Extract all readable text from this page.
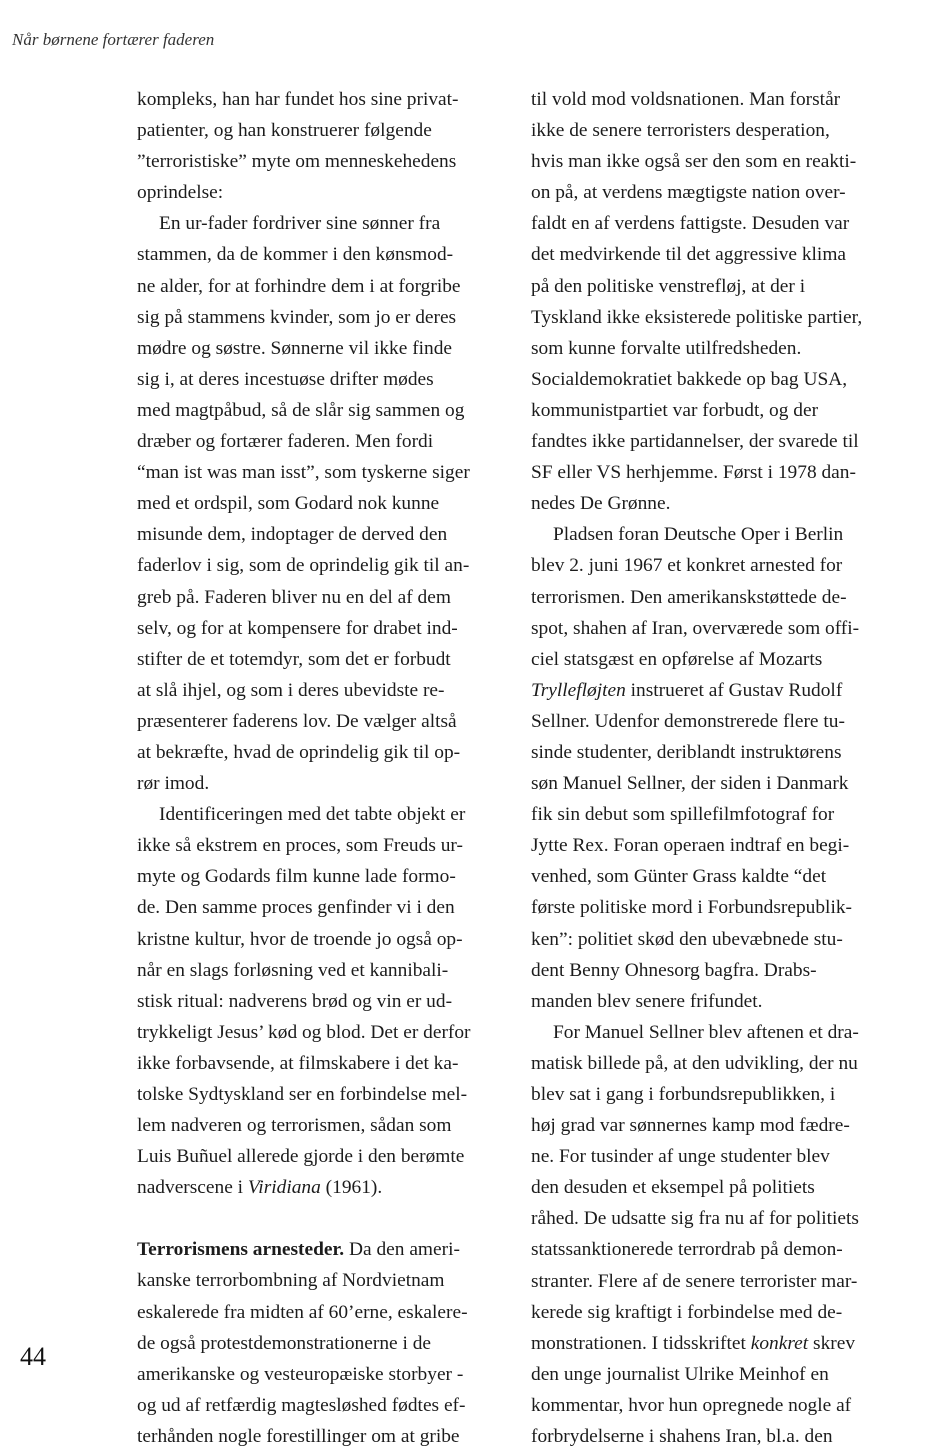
Når børnene fortærer faderen
kompleks, han har fundet hos sine privat-
patienter, og han konstruerer følgende
”terroristiske” myte om menneskehedens
oprindelse:
En ur-fader fordriver sine sønner fra
stammen, da de kommer i den kønsmod-
ne alder, for at forhindre dem i at forgribe
sig på stammens kvinder, som jo er deres
mødre og søstre. Sønnerne vil ikke finde
sig i, at deres incestuøse drifter mødes
med magtpåbud, så de slår sig sammen og
dræber og fortærer faderen. Men fordi
“man ist was man isst”, som tyskerne siger
med et ordspil, som Godard nok kunne
misunde dem, indoptager de derved den
faderlov i sig, som de oprindelig gik til an-
greb på. Faderen bliver nu en del af dem
selv, og for at kompensere for drabet ind-
stifter de et totemdyr, som det er forbudt
at slå ihjel, og som i deres ubevidste re-
præsenterer faderens lov. De vælger altså
at bekræfte, hvad de oprindelig gik til op-
rør imod.
Identificeringen med det tabte objekt er
ikke så ekstrem en proces, som Freuds ur-
myte og Godards film kunne lade formo-
de. Den samme proces genfinder vi i den
kristne kultur, hvor de troende jo også op-
når en slags forløsning ved et kannibali-
stisk ritual: nadverens brød og vin er ud-
trykkeligt Jesus’ kød og blod. Det er derfor
ikke forbavsende, at filmskabere i det ka-
tolske Sydtyskland ser en forbindelse mel-
lem nadveren og terrorismen, sådan som
Luis Buñuel allerede gjorde i den berømte
nadverscene i Viridiana (1961).
Terrorismens arnesteder. Da den ameri-
kanske terrorbombning af Nordvietnam
eskalerede fra midten af 60’erne, eskalere-
de også protestdemonstrationerne i de
amerikanske og vesteuropæiske storbyer -
og ud af retfærdig magtesløshed fødtes ef-
terhånden nogle forestillinger om at gribe
til vold mod voldsnationen. Man forstår
ikke de senere terroristers desperation,
hvis man ikke også ser den som en reakti-
on på, at verdens mægtigste nation over-
faldt en af verdens fattigste. Desuden var
det medvirkende til det aggressive klima
på den politiske venstrefløj, at der i
Tyskland ikke eksisterede politiske partier,
som kunne forvalte utilfredsheden.
Socialdemokratiet bakkede op bag USA,
kommunistpartiet var forbudt, og der
fandtes ikke partidannelser, der svarede til
SF eller VS herhjemme. Først i 1978 dan-
nedes De Grønne.
Pladsen foran Deutsche Oper i Berlin
blev 2. juni 1967 et konkret arnested for
terrorismen. Den amerikanskstøttede de-
spot, shahen af Iran, overværede som offi-
ciel statsgæst en opførelse af Mozarts
Tryllefløjten instrueret af Gustav Rudolf
Sellner. Udenfor demonstrerede flere tu-
sinde studenter, deriblandt instruktørens
søn Manuel Sellner, der siden i Danmark
fik sin debut som spillefilmfotograf for
Jytte Rex. Foran operaen indtraf en begi-
venhed, som Günter Grass kaldte “det
første politiske mord i Forbundsrepublik-
ken”: politiet skød den ubevæbnede stu-
dent Benny Ohnesorg bagfra. Drabs-
manden blev senere frifundet.
For Manuel Sellner blev aftenen et dra-
matisk billede på, at den udvikling, der nu
blev sat i gang i forbundsrepublikken, i
høj grad var sønnernes kamp mod fædre-
ne. For tusinder af unge studenter blev
den desuden et eksempel på politiets
råhed. De udsatte sig fra nu af for politiets
statssanktionerede terrordrab på demon-
stranter. Flere af de senere terrorister mar-
kerede sig kraftigt i forbindelse med de-
monstrationen. I tidsskriftet konkret skrev
den unge journalist Ulrike Meinhof en
kommentar, hvor hun opregnede nogle af
forbrydelserne i shahens Iran, bl.a. den
44
